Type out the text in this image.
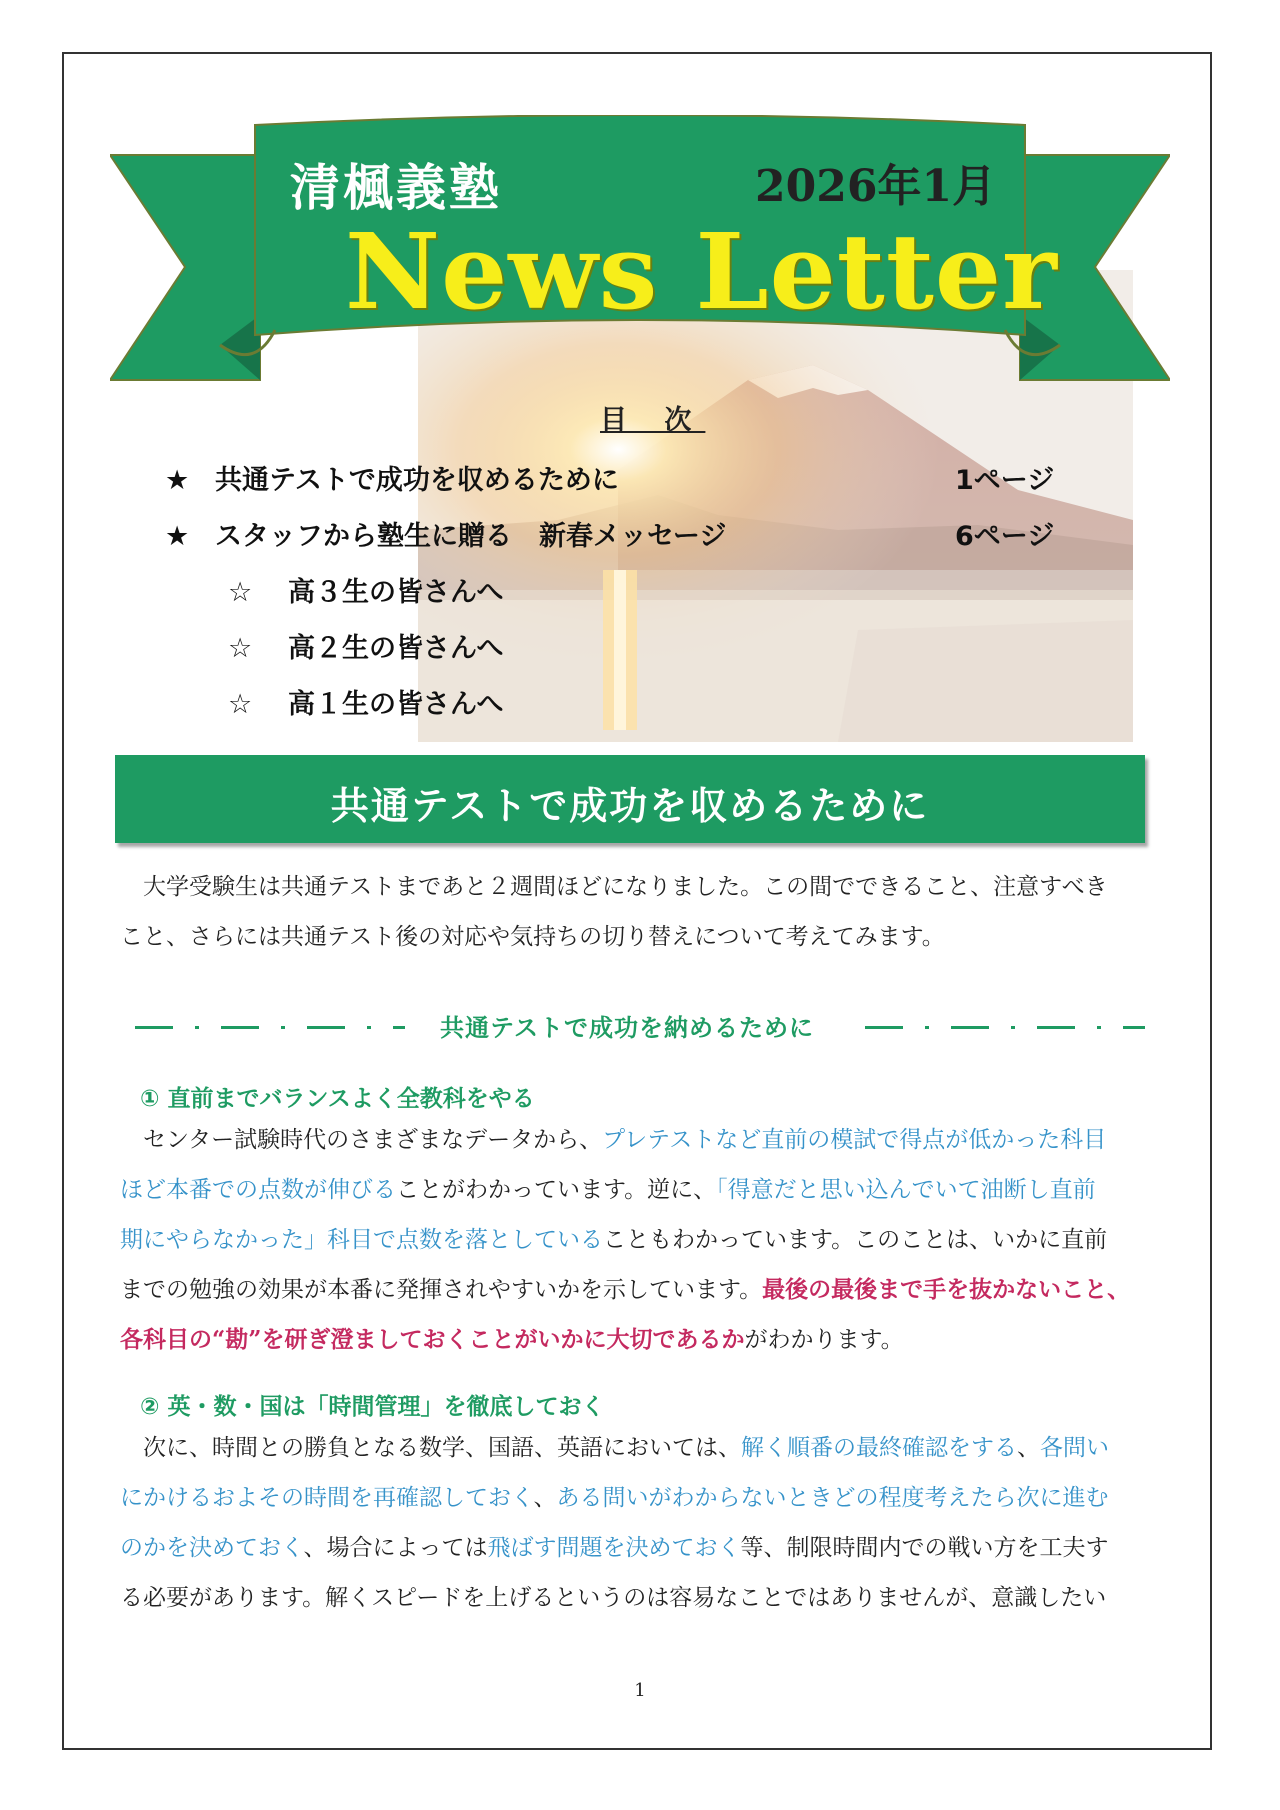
清楓義塾	2026年1月
News Letter
目 次
★ 共通テストで成功を収めるために	1ページ
★ スタッフから塾生に贈る　新春メッセージ	6ページ
☆ 高３生の皆さんへ
☆ 高２生の皆さんへ
☆ 高１生の皆さんへ
共通テストで成功を収めるために
大学受験生は共通テストまであと２週間ほどになりました。この間でできること、注意すべき
こと、さらには共通テスト後の対応や気持ちの切り替えについて考えてみます。
共通テストで成功を納めるために
① 直前までバランスよく全教科をやる
センター試験時代のさまざまなデータから、プレテストなど直前の模試で得点が低かった科目
ほど本番での点数が伸びることがわかっています。逆に、「得意だと思い込んでいて油断し直前
期にやらなかった」科目で点数を落としていることもわかっています。このことは、いかに直前
までの勉強の効果が本番に発揮されやすいかを示しています。最後の最後まで手を抜かないこと、
各科目の“勘”を研ぎ澄ましておくことがいかに大切であるかがわかります。
② 英・数・国は「時間管理」を徹底しておく
次に、時間との勝負となる数学、国語、英語においては、解く順番の最終確認をする、各問い
にかけるおよその時間を再確認しておく、ある問いがわからないときどの程度考えたら次に進む
のかを決めておく、場合によっては飛ばす問題を決めておく等、制限時間内での戦い方を工夫す
る必要があります。解くスピードを上げるというのは容易なことではありませんが、意識したい
1
